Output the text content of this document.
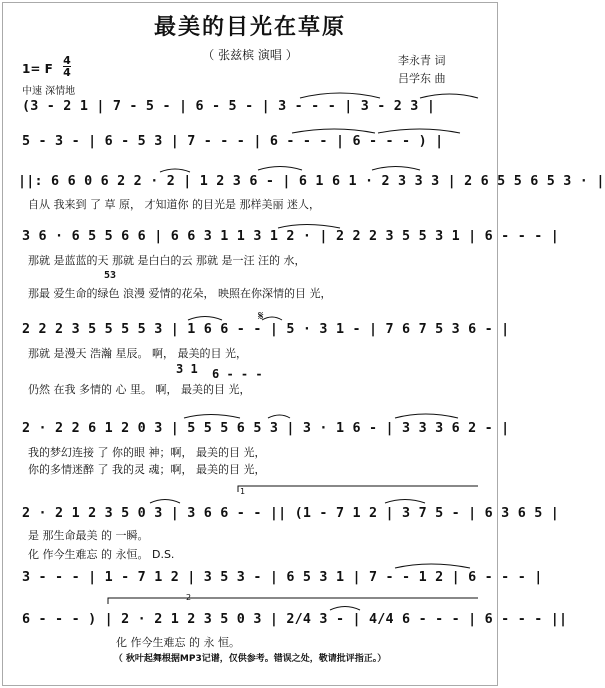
最美的目光在草原
（ 张兹槟 演唱 ）	李永青 词
吕学东 曲
1= F
4
4
中速 深情地
(3 - 2 1 | 7 - 5 - | 6 - 5 - | 3 - - - | 3 - 2 3 |
5 - 3 - | 6 - 5 3 | 7 - - - | 6 - - - | 6 - - - ) |
||: 6 6 0 6 2 2 · 2 | 1 2 3 6 - | 6 1 6 1 · 2 3 3 3 | 2 6 5 5 6 5 3 · |
自从 我来到 了 草 原， 才知道你 的目光是 那样美丽 迷人，
3 6 · 6 5 5 6 6 | 6 6 3 1 1 3 1 2 · | 2 2 2 3 5 5 3 1 | 6 - - - |
那就 是蓝蓝的天 那就 是白白的云 那就 是一汪 汪的 水，
53
那最 爱生命的绿色 浪漫 爱情的花朵， 映照在你深情的目 光，
2 2 2 3 5 5 5 5 3 | 1 6 6 - - | 5 · 3 1 - | 7 6 7 5 3 6 - |
那就 是漫天 浩瀚 星辰。 啊， 最美的目 光，
3 1 6 - - -
仍然 在我 多情的 心 里。 啊， 最美的目 光，
2 · 2 2 6 1 2 0 3 | 5 5 5 6 5 3 | 3 · 1 6 - | 3 3 3 6 2 - |
我的梦幻连接 了 你的眼 神；啊， 最美的目 光，
你的多情迷醉 了 我的灵 魂；啊， 最美的目 光，
2 · 2 1 2 3 5 0 3 | 3 6 6 - - || (1 - 7 1 2 | 3 7 5 - | 6 3 6 5 |
是 那生命最美 的 一瞬。
化 作今生难忘 的 永恒。 D.S.
3 - - - | 1 - 7 1 2 | 3 5 3 - | 6 5 3 1 | 7 - - 1 2 | 6 - - - |
6 - - - ) | 2 · 2 1 2 3 5 0 3 | 2/4 3 - | 4/4 6 - - - | 6 - - - ||
化 作今生难忘 的 永 恒。
（ 秋叶起舞根据MP3记谱，仅供参考。错误之处，敬请批评指正。）
1
2
𝄋
